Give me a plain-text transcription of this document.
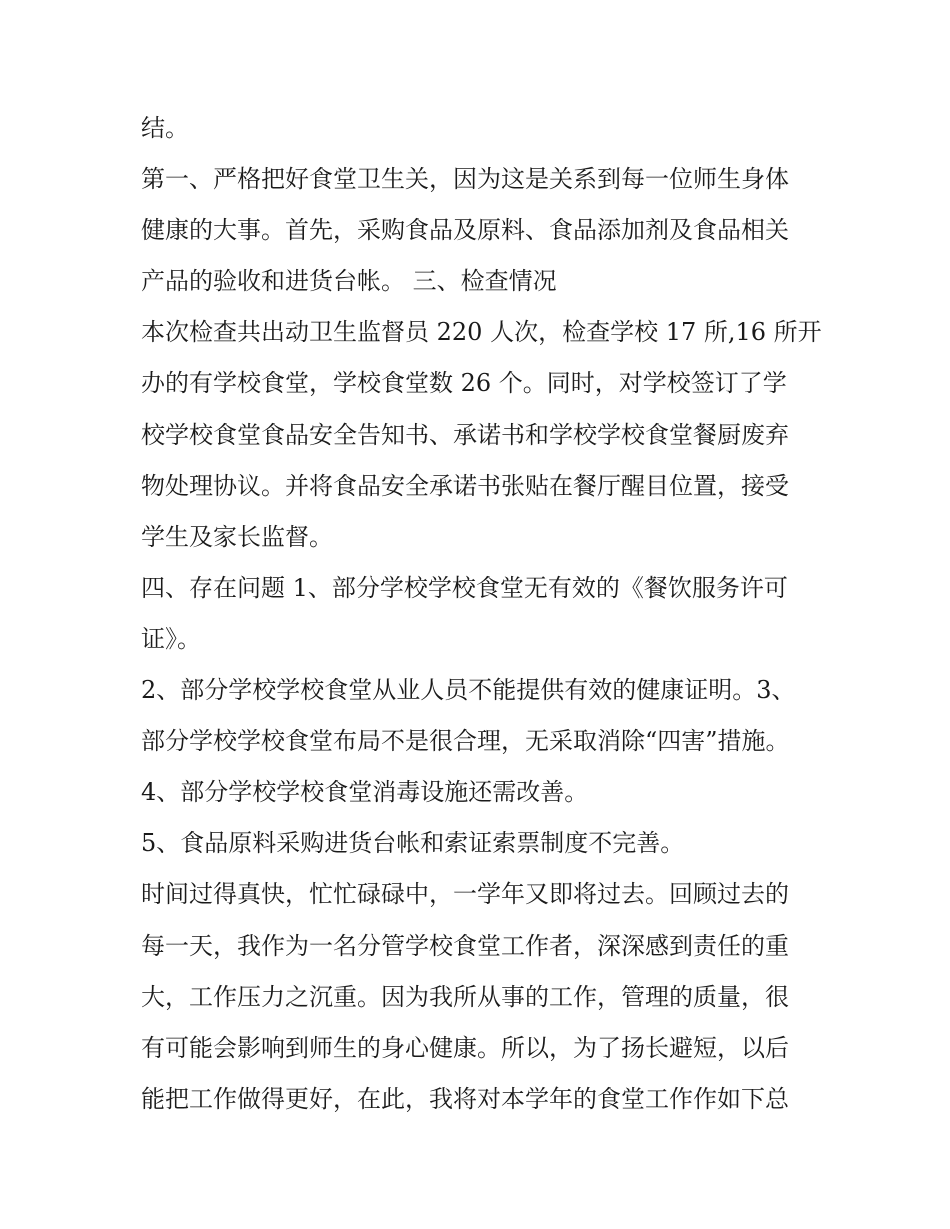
结。
第一、严格把好食堂卫生关，因为这是关系到每一位师生身体
健康的大事。首先，采购食品及原料、食品添加剂及食品相关
产品的验收和进货台帐。 三、检查情况
本次检查共出动卫生监督员 220 人次，检查学校 17 所,16 所开
办的有学校食堂，学校食堂数 26 个。同时，对学校签订了学
校学校食堂食品安全告知书、承诺书和学校学校食堂餐厨废弃
物处理协议。并将食品安全承诺书张贴在餐厅醒目位置，接受
学生及家长监督。
四、存在问题 1、部分学校学校食堂无有效的《餐饮服务许可
证》。
2、部分学校学校食堂从业人员不能提供有效的健康证明。3、
部分学校学校食堂布局不是很合理，无采取消除“四害”措施。
4、部分学校学校食堂消毒设施还需改善。
5、食品原料采购进货台帐和索证索票制度不完善。
时间过得真快，忙忙碌碌中，一学年又即将过去。回顾过去的
每一天，我作为一名分管学校食堂工作者，深深感到责任的重
大，工作压力之沉重。因为我所从事的工作，管理的质量，很
有可能会影响到师生的身心健康。所以，为了扬长避短，以后
能把工作做得更好，在此，我将对本学年的食堂工作作如下总
